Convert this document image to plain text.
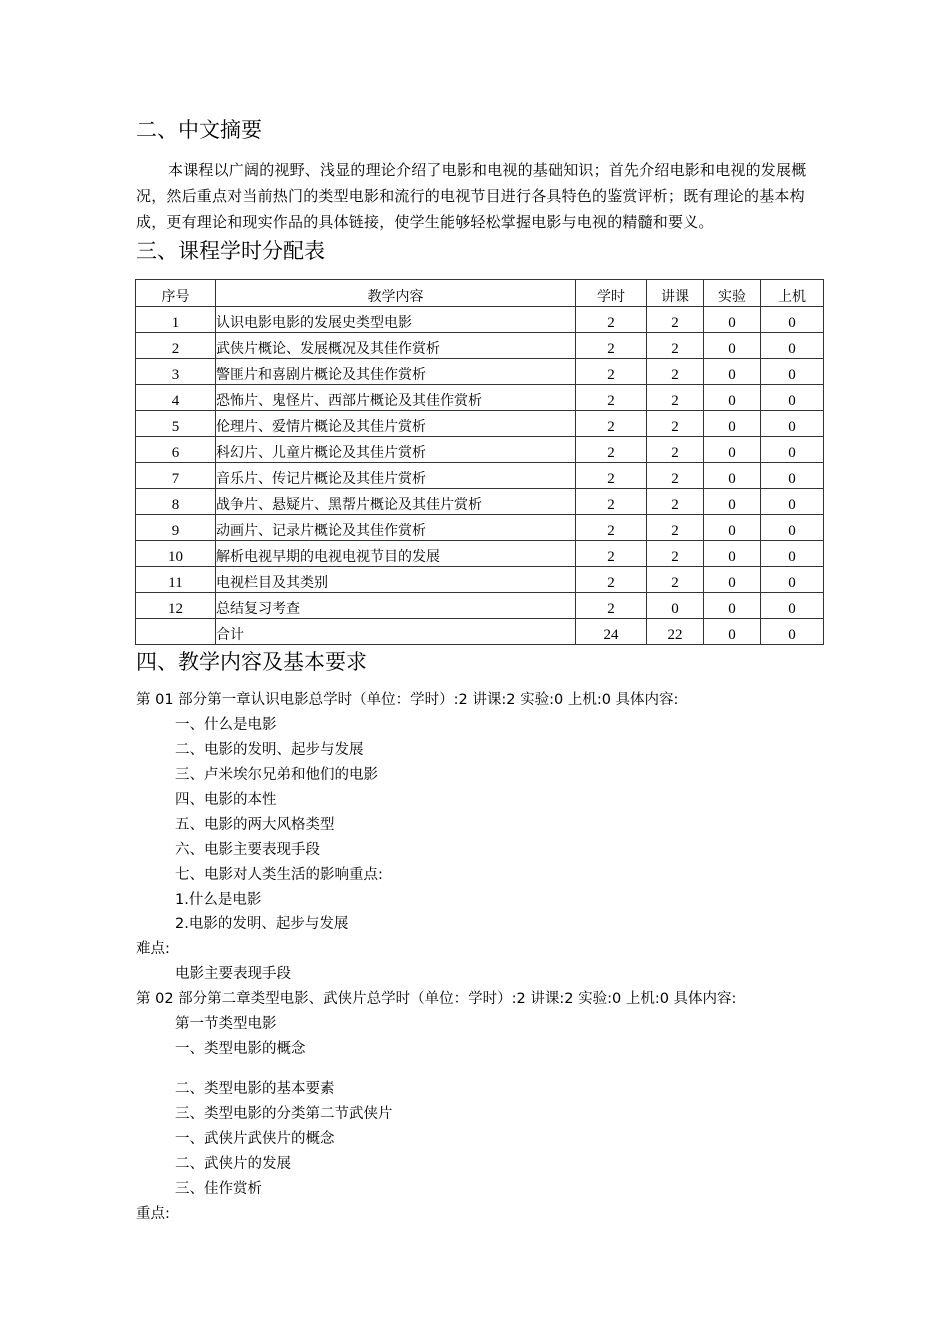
二、中文摘要

本课程以广阔的视野、浅显的理论介绍了电影和电视的基础知识；首先介绍电影和电视的发展概况，然后重点对当前热门的类型电影和流行的电视节目进行各具特色的鉴赏评析；既有理论的基本构成，更有理论和现实作品的具体链接，使学生能够轻松掌握电影与电视的精髓和要义。

三、课程学时分配表
序号	教学内容	学时	讲课	实验	上机
1	认识电影电影的发展史类型电影	2	2	0	0
2	武侠片概论、发展概况及其佳作赏析	2	2	0	0
3	警匪片和喜剧片概论及其佳作赏析	2	2	0	0
4	恐怖片、鬼怪片、西部片概论及其佳作赏析	2	2	0	0
5	伦理片、爱情片概论及其佳片赏析	2	2	0	0
6	科幻片、儿童片概论及其佳片赏析	2	2	0	0
7	音乐片、传记片概论及其佳片赏析	2	2	0	0
8	战争片、悬疑片、黑帮片概论及其佳片赏析	2	2	0	0
9	动画片、记录片概论及其佳作赏析	2	2	0	0
10	解析电视早期的电视电视节目的发展	2	2	0	0
11	电视栏目及其类别	2	2	0	0
12	总结复习考查	2	0	0	0
	合计	24	22	0	0
四、教学内容及基本要求

第 01 部分第一章认识电影总学时（单位：学时）:2 讲课:2 实验:0 上机:0 具体内容:

一、什么是电影

二、电影的发明、起步与发展

三、卢米埃尔兄弟和他们的电影

四、电影的本性

五、电影的两大风格类型

六、电影主要表现手段

七、电影对人类生活的影响重点:

1.什么是电影

2.电影的发明、起步与发展

难点:

电影主要表现手段

第 02 部分第二章类型电影、武侠片总学时（单位：学时）:2 讲课:2 实验:0 上机:0 具体内容:

第一节类型电影

一、类型电影的概念

二、类型电影的基本要素

三、类型电影的分类第二节武侠片

一、武侠片武侠片的概念

二、武侠片的发展

三、佳作赏析

重点:
